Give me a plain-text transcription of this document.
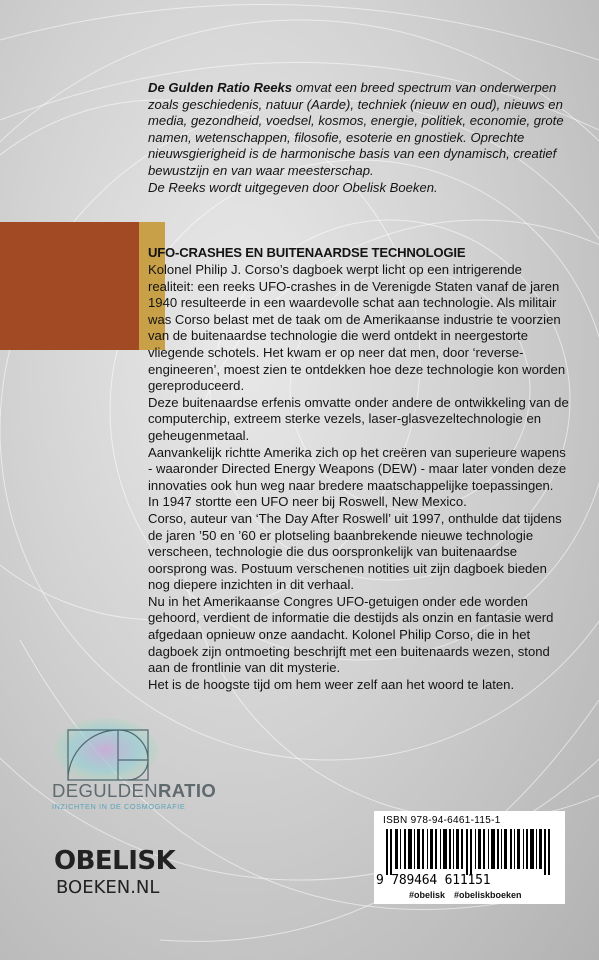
De Gulden Ratio Reeks omvat een breed spectrum van onderwerpen zoals geschiedenis, natuur (Aarde), techniek (nieuw en oud), nieuws en media, gezondheid, voedsel, kosmos, energie, politiek, economie, grote namen, wetenschappen, filosofie, esoterie en gnostiek. Oprechte nieuwsgierigheid is de harmonische basis van een dynamisch, creatief bewustzijn en van waar meesterschap.

De Reeks wordt uitgegeven door Obelisk Boeken.

UFO-CRASHES EN BUITENAARDSE TECHNOLOGIE

Kolonel Philip J. Corso’s dagboek werpt licht op een intrigerende realiteit: een reeks UFO-crashes in de Verenigde Staten vanaf de jaren 1940 resulteerde in een waardevolle schat aan technologie. Als militair was Corso belast met de taak om de Amerikaanse industrie te voorzien van de buitenaardse technologie die werd ontdekt in neergestorte vliegende schotels. Het kwam er op neer dat men, door ‘reverse-engineeren’, moest zien te ontdekken hoe deze technologie kon worden gereproduceerd.

Deze buitenaardse erfenis omvatte onder andere de ontwikkeling van de computerchip, extreem sterke vezels, laser-glasvezeltechnologie en geheugenmetaal.

Aanvankelijk richtte Amerika zich op het creëren van superieure wapens - waaronder Directed Energy Weapons (DEW) - maar later vonden deze innovaties ook hun weg naar bredere maatschappelijke toepassingen.

In 1947 stortte een UFO neer bij Roswell, New Mexico.

Corso, auteur van ‘The Day After Roswell’ uit 1997, onthulde dat tijdens de jaren ’50 en ’60 er plotseling baanbrekende nieuwe technologie verscheen, technologie die dus oorspronkelijk van buitenaardse oorsprong was. Postuum verschenen notities uit zijn dagboek bieden nog diepere inzichten in dit verhaal.

Nu in het Amerikaanse Congres UFO-getuigen onder ede worden gehoord, verdient de informatie die destijds als onzin en fantasie werd afgedaan opnieuw onze aandacht. Kolonel Philip Corso, die in het dagboek zijn ontmoeting beschrijft met een buitenaards wezen, stond aan de frontlinie van dit mysterie.

Het is de hoogste tijd om hem weer zelf aan het woord te laten.

DEGULDENRATIO
INZICHTEN IN DE COSMOGRAFIE
OBELISK
BOEKEN.NL
ISBN 978-94-6461-115-1
9 789464 611151
#obelisk #obeliskboeken
